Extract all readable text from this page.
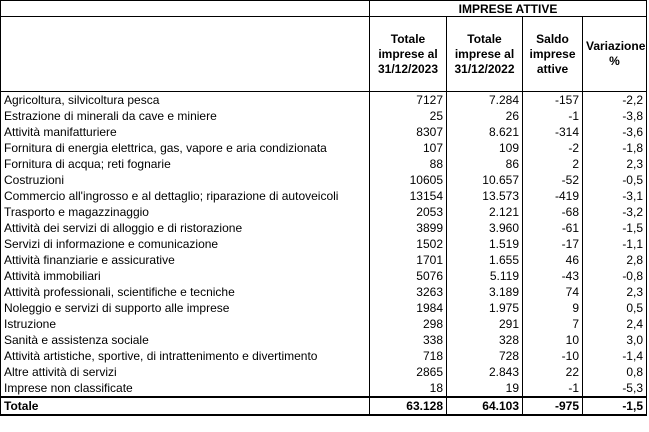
	IMPRESE ATTIVE			
	Totale imprese al 31/12/2023	Totale imprese al 31/12/2022	Saldo imprese attive	Variazione %
Agricoltura, silvicoltura pesca	7127	7.284	-157	-2,2
Estrazione di minerali da cave e miniere	25	26	-1	-3,8
Attività manifatturiere	8307	8.621	-314	-3,6
Fornitura di energia elettrica, gas, vapore e aria condizionata	107	109	-2	-1,8
Fornitura di acqua; reti fognarie	88	86	2	2,3
Costruzioni	10605	10.657	-52	-0,5
Commercio all'ingrosso e al dettaglio; riparazione di autoveicoli	13154	13.573	-419	-3,1
Trasporto e magazzinaggio	2053	2.121	-68	-3,2
Attività dei servizi di alloggio e di ristorazione	3899	3.960	-61	-1,5
Servizi di informazione e comunicazione	1502	1.519	-17	-1,1
Attività finanziarie e assicurative	1701	1.655	46	2,8
Attività immobiliari	5076	5.119	-43	-0,8
Attività professionali, scientifiche e tecniche	3263	3.189	74	2,3
Noleggio e servizi di supporto alle imprese	1984	1.975	9	0,5
Istruzione	298	291	7	2,4
Sanità e assistenza sociale	338	328	10	3,0
Attività artistiche, sportive, di intrattenimento e divertimento	718	728	-10	-1,4
Altre attività di servizi	2865	2.843	22	0,8
Imprese non classificate	18	19	-1	-5,3
Totale	63.128	64.103	-975	-1,5
